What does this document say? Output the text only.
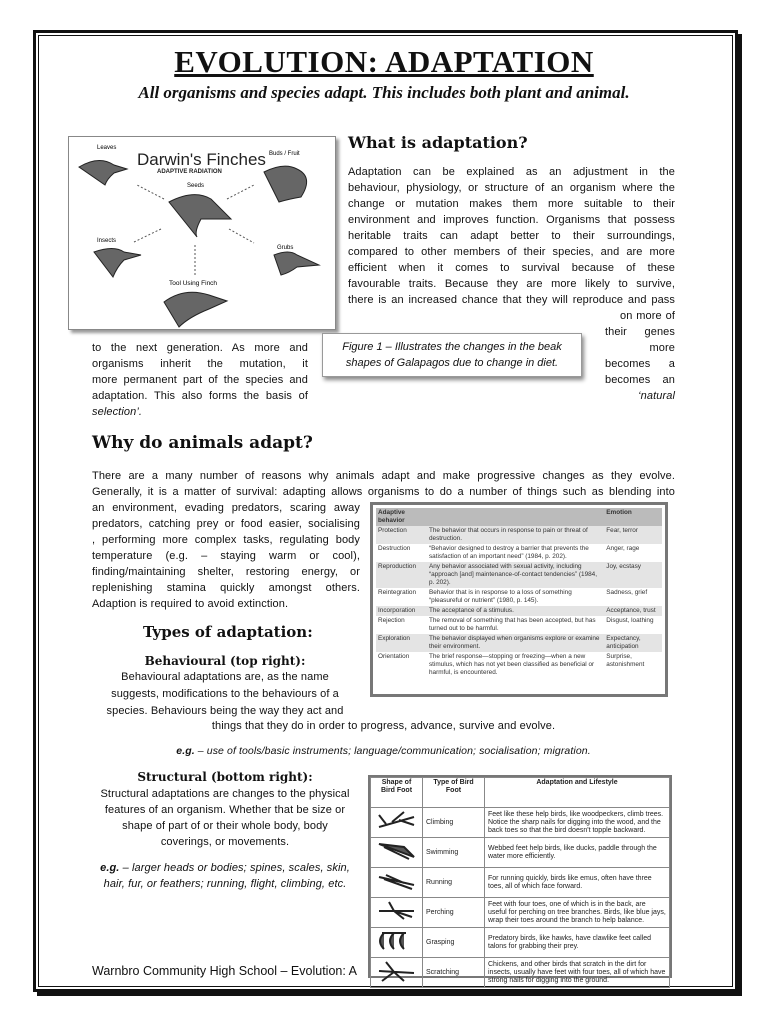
EVOLUTION: ADAPTATION
All organisms and species adapt. This includes both plant and animal.
Darwin's Finches
ADAPTIVE RADIATION
Leaves
Buds / Fruit
Seeds
Insects
Grubs
Tool Using Finch
Figure 1 – Illustrates the changes in the beak
shapes of Galapagos due to change in diet.
What is adaptation?
Adaptation can be explained as an adjustment in the
behaviour, physiology, or structure of an organism where the
change or mutation makes them more suitable to their
environment and improves function. Organisms that possess
heritable traits can adapt better to their surroundings,
compared to other members of their species, and are more
efficient when it comes to survival because of these
favourable traits. Because they are more likely to survive,
there is an increased chance that they will reproduce and pass
on more of
their genes
more
becomes a
becomes an
‘natural
to the next generation. As more and
organisms inherit the mutation, it
more permanent part of the species and
adaptation. This also forms the basis of
selection’.
Why do animals adapt?
There are a many number of reasons why animals adapt and make progressive changes as they evolve.
Generally, it is a matter of survival: adapting allows organisms to do a number of things such as blending into
an environment, evading predators, scaring away
predators, catching prey or food easier, socialising
, performing more complex tasks, regulating body
temperature (e.g. – staying warm or cool),
finding/maintaining shelter, restoring energy, or
replenishing stamina quickly amongst others.
Adaption is required to avoid extinction.
Adaptive behavior		Emotion
Protection	The behavior that occurs in response to pain or threat of destruction.	Fear, terror
Destruction	“Behavior designed to destroy a barrier that prevents the satisfaction of an important need” (1984, p. 202).	Anger, rage
Reproduction	Any behavior associated with sexual activity, including “approach [and] maintenance-of-contact tendencies” (1984, p. 202).	Joy, ecstasy
Reintegration	Behavior that is in response to a loss of something “pleasureful or nutrient” (1980, p. 145).	Sadness, grief
Incorporation	The acceptance of a stimulus.	Acceptance, trust
Rejection	The removal of something that has been accepted, but has turned out to be harmful.	Disgust, loathing
Exploration	The behavior displayed when organisms explore or examine their environment.	Expectancy, anticipation
Orientation	The brief response—stopping or freezing—when a new stimulus, which has not yet been classified as beneficial or harmful, is encountered.	Surprise, astonishment
Types of adaptation:
Behavioural (top right):
Behavioural adaptations are, as the name
suggests, modifications to the behaviours of a
species. Behaviours being the way they act and
things that they do in order to progress, advance, survive and evolve.
e.g. – use of tools/basic instruments; language/communication; socialisation; migration.
Structural (bottom right):
Structural adaptations are changes to the physical
features of an organism. Whether that be size or
shape of part of or their whole body, body
coverings, or movements.
e.g. – larger heads or bodies; spines, scales, skin,
hair, fur, or feathers; running, flight, climbing, etc.
Shape of Bird Foot	Type of Bird Foot	Adaptation and Lifestyle
	Climbing	Feet like these help birds, like woodpeckers, climb trees. Notice the sharp nails for digging into the wood, and the back toes so that the bird doesn't topple backward.
	Swimming	Webbed feet help birds, like ducks, paddle through the water more efficiently.
	Running	For running quickly, birds like emus, often have three toes, all of which face forward.
	Perching	Feet with four toes, one of which is in the back, are useful for perching on tree branches. Birds, like blue jays, wrap their toes around the branch to help balance.
	Grasping	Predatory birds, like hawks, have clawlike feet called talons for grabbing their prey.
	Scratching	Chickens, and other birds that scratch in the dirt for insects, usually have feet with four toes, all of which have strong nails for digging into the ground.
Warnbro Community High School – Evolution: A
